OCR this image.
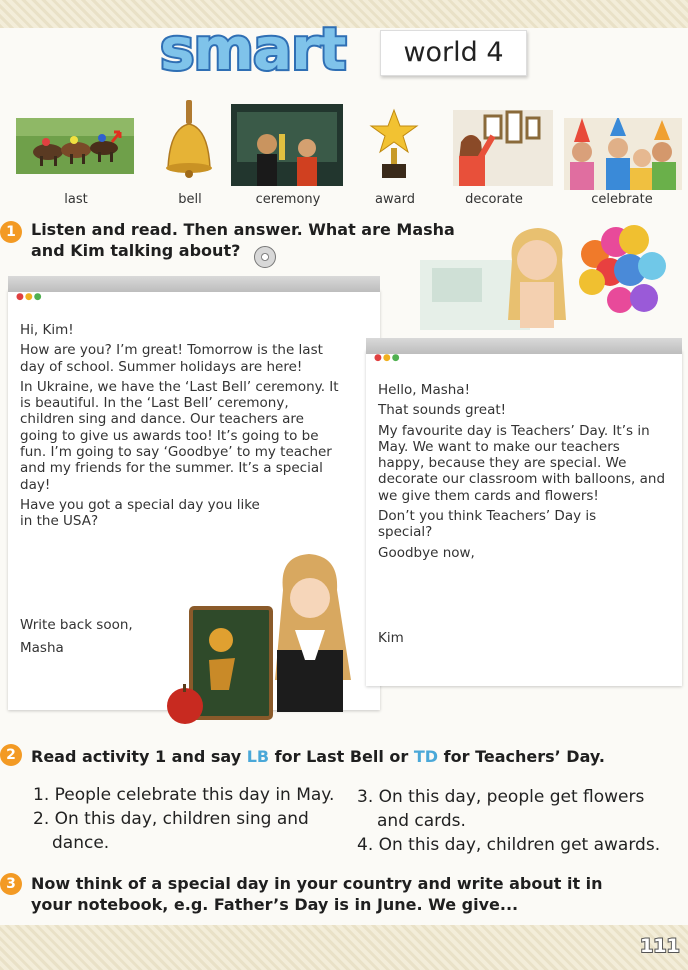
smart	world 4
last	bell	ceremony	award	decorate	celebrate
1 Listen and read. Then answer. What are Masha
and Kim talking about?
●●●

Hi, Kim!

How are you? I’m great! Tomorrow is the last day of school. Summer holidays are here!

In Ukraine, we have the ‘Last Bell’ ceremony. It is beautiful. In the ‘Last Bell’ ceremony, children sing and dance. Our teachers are going to give us awards too! It’s going to be fun. I’m going to say ‘Goodbye’ to my teacher and my friends for the summer. It’s a special day!

Have you got a special day you like in the USA?

Write back soon,
Masha
●●●

Hello, Masha!

That sounds great!

My favourite day is Teachers’ Day. It’s in May. We want to make our teachers happy, because they are special. We decorate our classroom with balloons, and we give them cards and flowers!

Don’t you think Teachers’ Day is special?

Goodbye now,

Kim
2 Read activity 1 and say LB for Last Bell or TD for Teachers’ Day.
1. People celebrate this day in May.
2. On this day, children sing and
dance.
3. On this day, people get flowers
and cards.
4. On this day, children get awards.
3 Now think of a special day in your country and write about it in
your notebook, e.g. Father’s Day is in June. We give...
111
